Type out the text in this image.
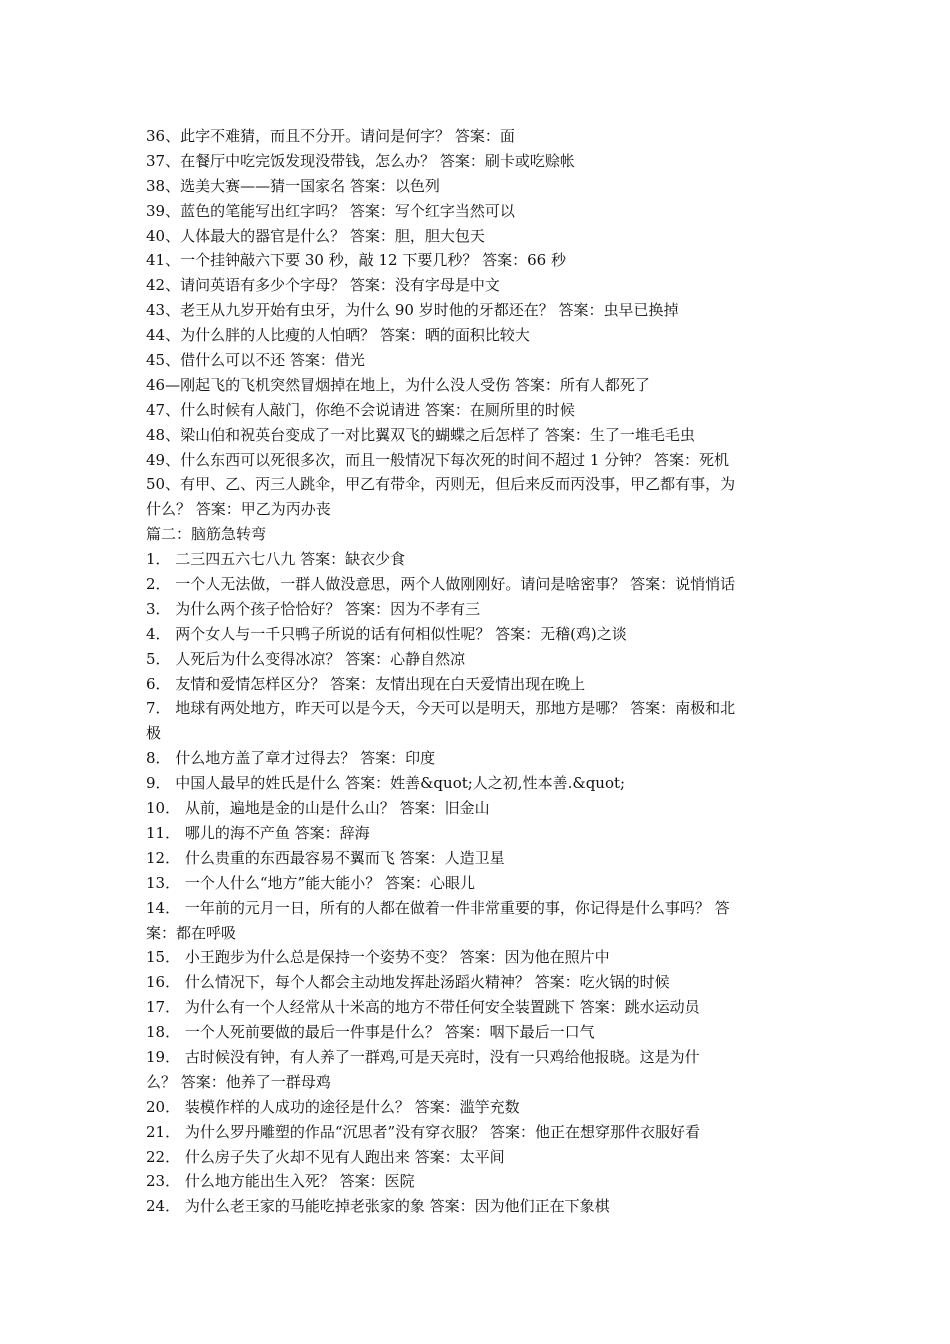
36、此字不难猜，而且不分开。请问是何字？ 答案：面
37、在餐厅中吃完饭发现没带钱，怎么办？ 答案：刷卡或吃赊帐
38、选美大赛——猜一国家名 答案：以色列
39、蓝色的笔能写出红字吗？ 答案：写个红字当然可以
40、人体最大的器官是什么？ 答案：胆，胆大包天
41、一个挂钟敲六下要 30 秒，敲 12 下要几秒？ 答案：66 秒
42、请问英语有多少个字母？ 答案：没有字母是中文
43、老王从九岁开始有虫牙，为什么 90 岁时他的牙都还在？ 答案：虫早已换掉
44、为什么胖的人比瘦的人怕晒？ 答案：晒的面积比较大
45、借什么可以不还 答案：借光
46—刚起飞的飞机突然冒烟掉在地上，为什么没人受伤 答案：所有人都死了
47、什么时候有人敲门，你绝不会说请进 答案：在厕所里的时候
48、梁山伯和祝英台变成了一对比翼双飞的蝴蝶之后怎样了 答案：生了一堆毛毛虫
49、什么东西可以死很多次，而且一般情况下每次死的时间不超过 1 分钟？ 答案：死机
50、有甲、乙、丙三人跳伞，甲乙有带伞，丙则无，但后来反而丙没事，甲乙都有事，为
什么？ 答案：甲乙为丙办丧
篇二：脑筋急转弯
1． 二三四五六七八九 答案：缺衣少食
2． 一个人无法做，一群人做没意思，两个人做刚刚好。请问是啥密事？ 答案：说悄悄话
3． 为什么两个孩子恰恰好？ 答案：因为不孝有三
4． 两个女人与一千只鸭子所说的话有何相似性呢？ 答案：无稽(鸡)之谈
5． 人死后为什么变得冰凉？ 答案：心静自然凉
6． 友情和爱情怎样区分？ 答案：友情出现在白天爱情出现在晚上
7． 地球有两处地方，昨天可以是今天，今天可以是明天，那地方是哪？ 答案：南极和北
极
8． 什么地方盖了章才过得去？ 答案：印度
9． 中国人最早的姓氏是什么 答案：姓善&quot;人之初,性本善.&quot;
10． 从前，遍地是金的山是什么山？ 答案：旧金山
11． 哪儿的海不产鱼 答案：辞海
12． 什么贵重的东西最容易不翼而飞 答案：人造卫星
13． 一个人什么“地方”能大能小？ 答案：心眼儿
14． 一年前的元月一日，所有的人都在做着一件非常重要的事，你记得是什么事吗？ 答
案：都在呼吸
15． 小王跑步为什么总是保持一个姿势不变？ 答案：因为他在照片中
16． 什么情况下，每个人都会主动地发挥赴汤蹈火精神？ 答案：吃火锅的时候
17． 为什么有一个人经常从十米高的地方不带任何安全装置跳下 答案：跳水运动员
18． 一个人死前要做的最后一件事是什么？ 答案：咽下最后一口气
19． 古时候没有钟，有人养了一群鸡,可是天亮时，没有一只鸡给他报晓。这是为什
么？ 答案：他养了一群母鸡
20． 装模作样的人成功的途径是什么？ 答案：滥竽充数
21． 为什么罗丹雕塑的作品“沉思者”没有穿衣服？ 答案：他正在想穿那件衣服好看
22． 什么房子失了火却不见有人跑出来 答案：太平间
23． 什么地方能出生入死？ 答案：医院
24． 为什么老王家的马能吃掉老张家的象 答案：因为他们正在下象棋
